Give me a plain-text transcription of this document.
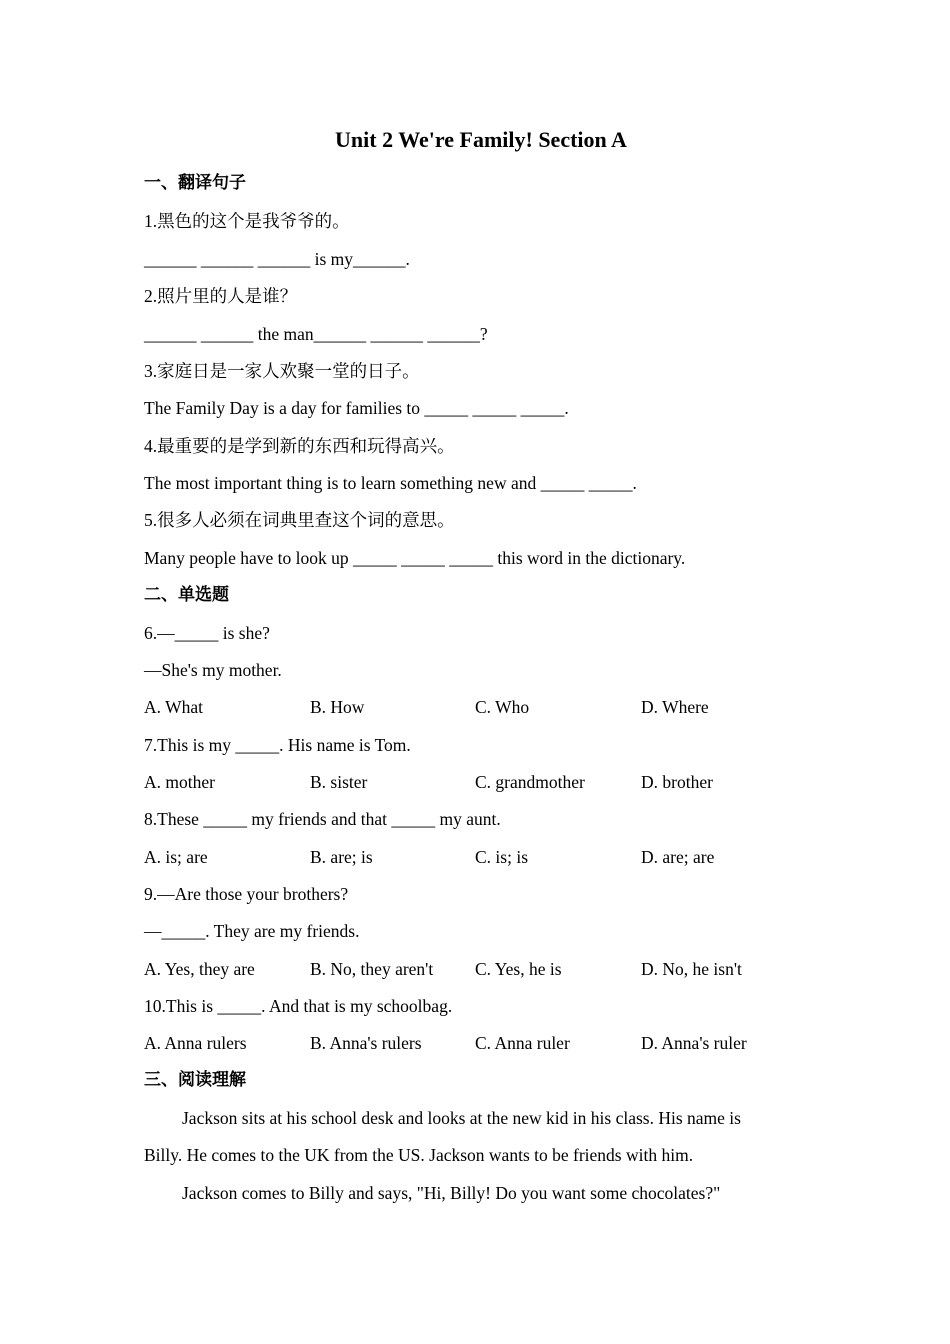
Unit 2 We're Family! Section A
一、翻译句子
1.黑色的这个是我爷爷的。
______ ______ ______ is my______.
2.照片里的人是谁？
______ ______ the man______ ______ ______?
3.家庭日是一家人欢聚一堂的日子。
The Family Day is a day for families to _____ _____ _____.
4.最重要的是学到新的东西和玩得高兴。
The most important thing is to learn something new and _____ _____.
5.很多人必须在词典里查这个词的意思。
Many people have to look up _____ _____ _____ this word in the dictionary.
二、单选题
6.—_____ is she?
—She's my mother.
A. What	B. How	C. Who	D. Where
7.This is my _____. His name is Tom.
A. mother	B. sister	C. grandmother	D. brother
8.These _____ my friends and that _____ my aunt.
A. is; are	B. are; is	C. is; is	D. are; are
9.—Are those your brothers?
—_____. They are my friends.
A. Yes, they are	B. No, they aren't C. Yes, he is	D. No, he isn't
10.This is _____. And that is my schoolbag.
A. Anna rulers	B. Anna's rulers	C. Anna ruler	D. Anna's ruler
三、阅读理解
Jackson sits at his school desk and looks at the new kid in his class. His name is
Billy. He comes to the UK from the US. Jackson wants to be friends with him.
Jackson comes to Billy and says, "Hi, Billy! Do you want some chocolates?"
